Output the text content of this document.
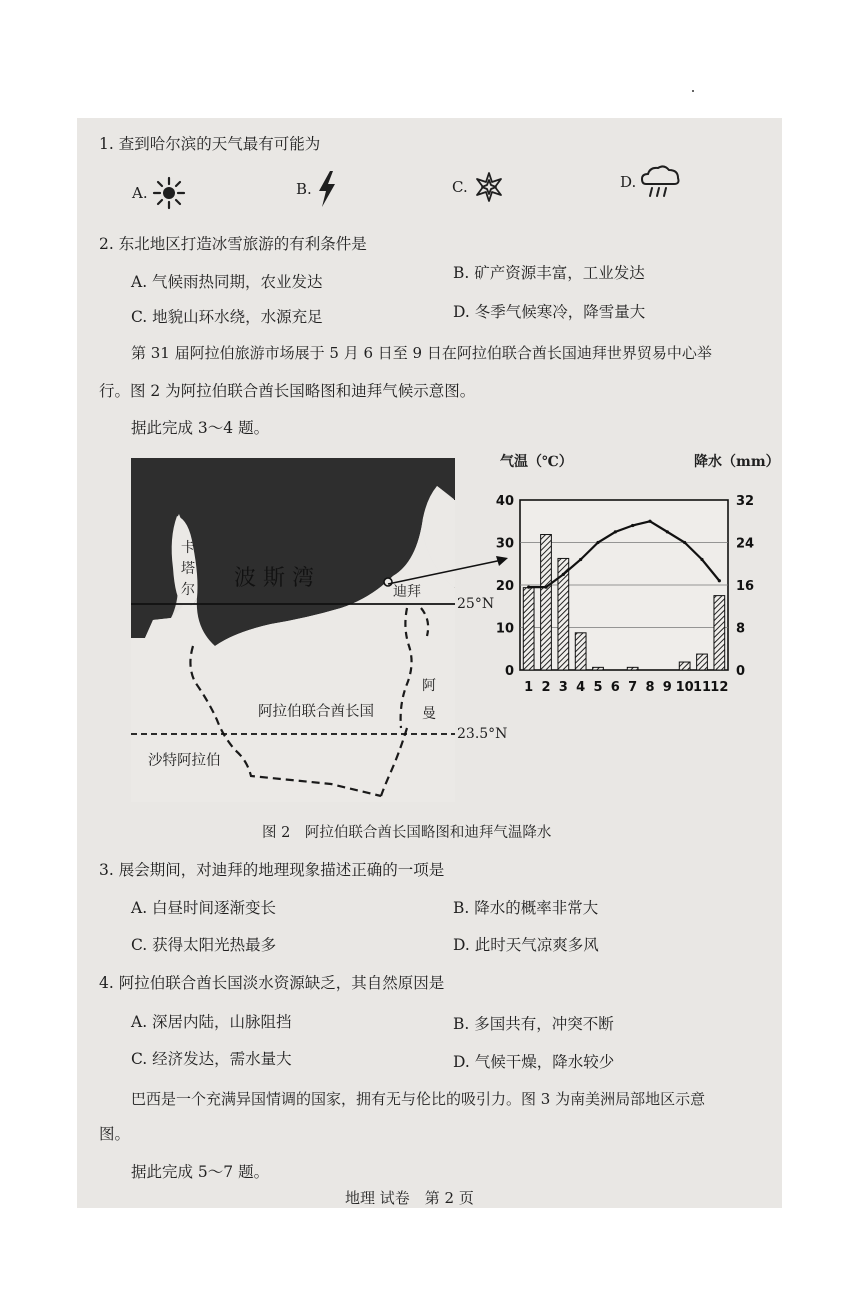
1. 查到哈尔滨的天气最有可能为
A.	B.	C.	D.
2. 东北地区打造冰雪旅游的有利条件是
A. 气候雨热同期，农业发达	B. 矿产资源丰富，工业发达
C. 地貌山环水绕，水源充足	D. 冬季气候寒冷，降雪量大
第 31 届阿拉伯旅游市场展于 5 月 6 日至 9 日在阿拉伯联合酋长国迪拜世界贸易中心举
行。图 2 为阿拉伯联合酋长国略图和迪拜气候示意图。
据此完成 3～4 题。
卡
塔
尔 波 斯 湾
迪拜
25°N
阿拉伯联合酋长国
阿
曼
23.5°N
沙特阿拉伯
气温（℃）	降水（mm）
0
10
20
30
40
0
8
16
24
32
1 2 3 4 5 6 7 8 9 10 11 12
图 2　阿拉伯联合酋长国略图和迪拜气温降水
3. 展会期间，对迪拜的地理现象描述正确的一项是
A. 白昼时间逐渐变长	B. 降水的概率非常大
C. 获得太阳光热最多	D. 此时天气凉爽多风
4. 阿拉伯联合酋长国淡水资源缺乏，其自然原因是
A. 深居内陆，山脉阻挡	B. 多国共有，冲突不断
C. 经济发达，需水量大	D. 气候干燥，降水较少
巴西是一个充满异国情调的国家，拥有无与伦比的吸引力。图 3 为南美洲局部地区示意
图。
据此完成 5～7 题。
地理 试卷　第 2 页
